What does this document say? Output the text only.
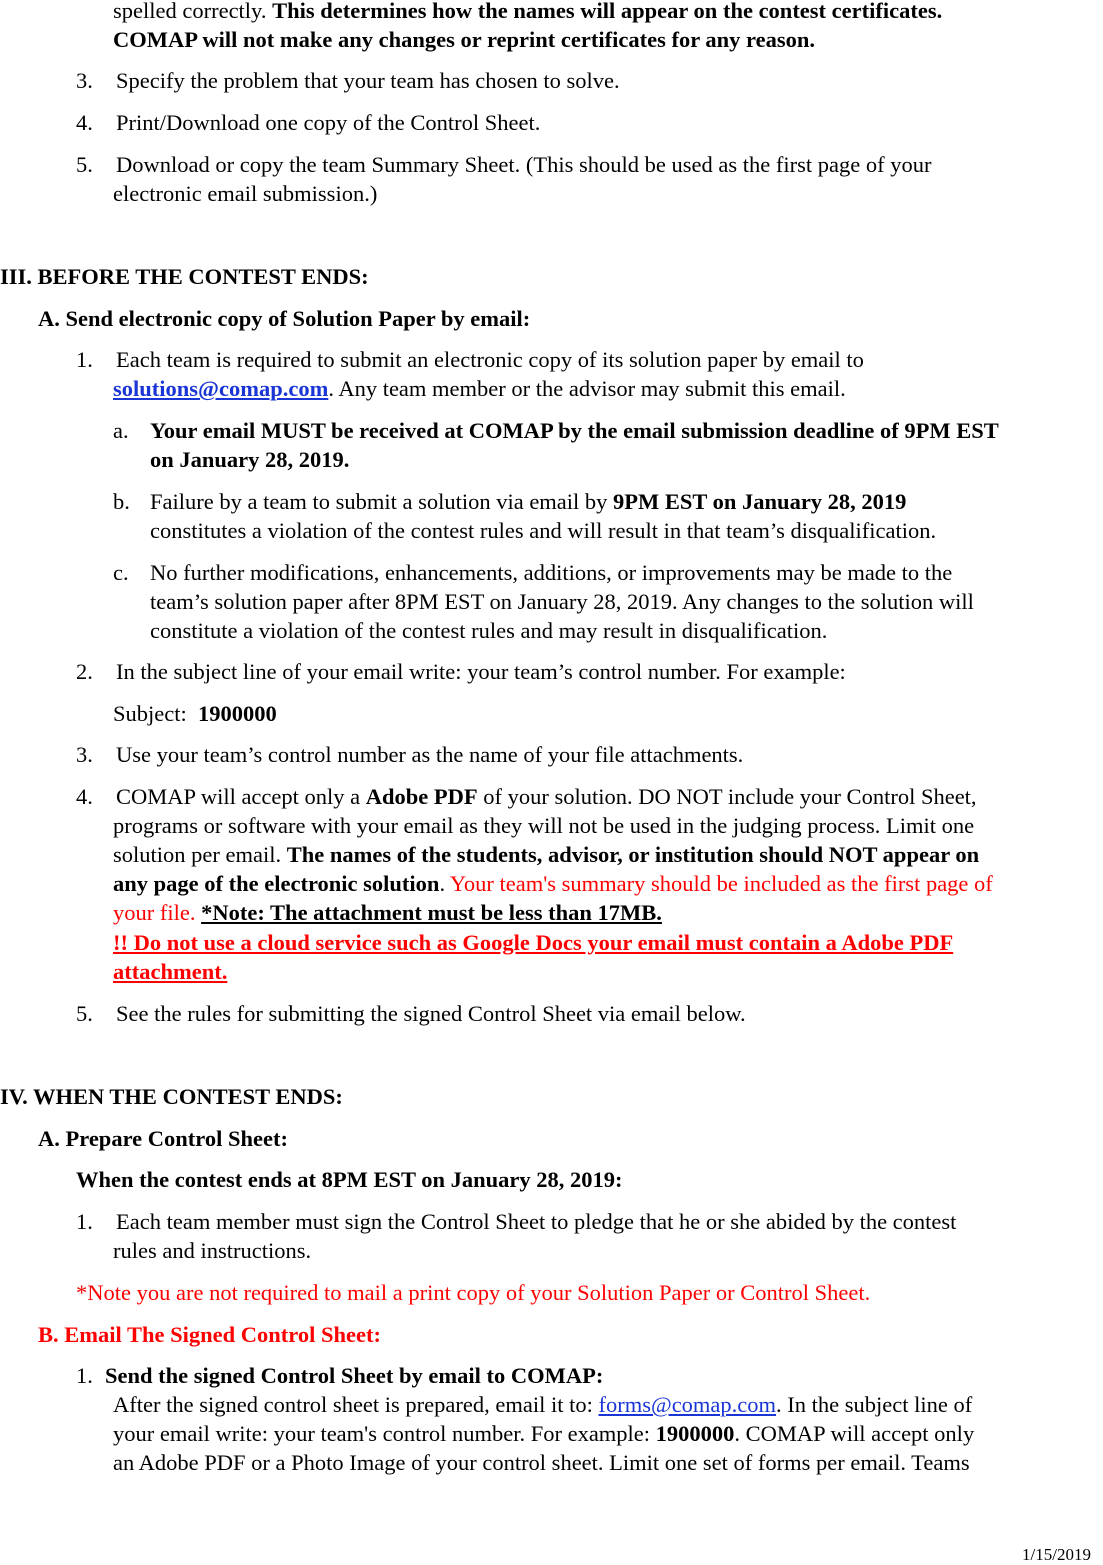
spelled correctly. This determines how the names will appear on the contest certificates.
COMAP will not make any changes or reprint certificates for any reason.
3. Specify the problem that your team has chosen to solve.
4. Print/Download one copy of the Control Sheet.
5. Download or copy the team Summary Sheet. (This should be used as the first page of your
electronic email submission.)
III. BEFORE THE CONTEST ENDS:
A. Send electronic copy of Solution Paper by email:
1. Each team is required to submit an electronic copy of its solution paper by email to
solutions@comap.com. Any team member or the advisor may submit this email.
a. Your email MUST be received at COMAP by the email submission deadline of 9PM EST
on January 28, 2019.
b. Failure by a team to submit a solution via email by 9PM EST on January 28, 2019
constitutes a violation of the contest rules and will result in that team’s disqualification.
c. No further modifications, enhancements, additions, or improvements may be made to the
team’s solution paper after 8PM EST on January 28, 2019. Any changes to the solution will
constitute a violation of the contest rules and may result in disqualification.
2. In the subject line of your email write: your team’s control number. For example:
Subject: 1900000
3. Use your team’s control number as the name of your file attachments.
4. COMAP will accept only a Adobe PDF of your solution. DO NOT include your Control Sheet,
programs or software with your email as they will not be used in the judging process. Limit one
solution per email. The names of the students, advisor, or institution should NOT appear on
any page of the electronic solution. Your team's summary should be included as the first page of
your file. *Note: The attachment must be less than 17MB.
!! Do not use a cloud service such as Google Docs your email must contain a Adobe PDF
attachment.
5. See the rules for submitting the signed Control Sheet via email below.
IV. WHEN THE CONTEST ENDS:
A. Prepare Control Sheet:
When the contest ends at 8PM EST on January 28, 2019:
1. Each team member must sign the Control Sheet to pledge that he or she abided by the contest
rules and instructions.
*Note you are not required to mail a print copy of your Solution Paper or Control Sheet.
B. Email The Signed Control Sheet:
1. Send the signed Control Sheet by email to COMAP:
After the signed control sheet is prepared, email it to: forms@comap.com. In the subject line of
your email write: your team's control number. For example: 1900000. COMAP will accept only
an Adobe PDF or a Photo Image of your control sheet. Limit one set of forms per email. Teams
1/15/2019
